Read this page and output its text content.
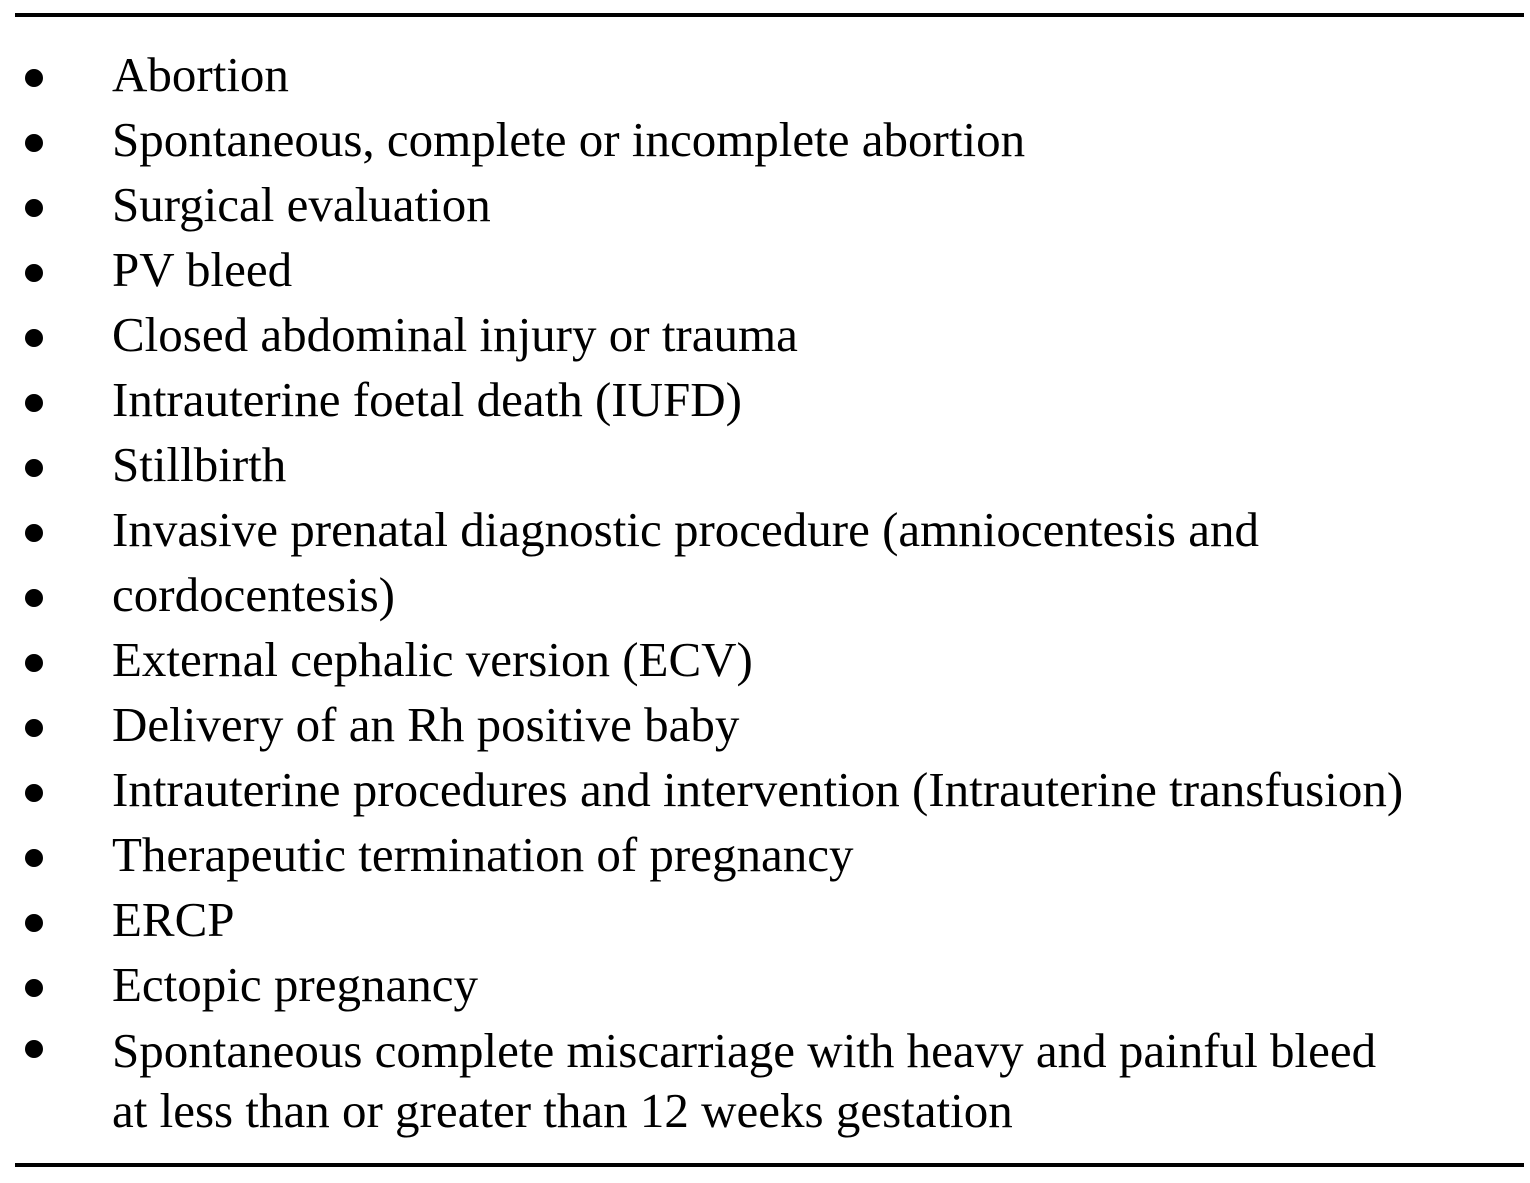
Abortion
Spontaneous, complete or incomplete abortion
Surgical evaluation
PV bleed
Closed abdominal injury or trauma
Intrauterine foetal death (IUFD)
Stillbirth
Invasive prenatal diagnostic procedure (amniocentesis and
cordocentesis)
External cephalic version (ECV)
Delivery of an Rh positive baby
Intrauterine procedures and intervention (Intrauterine transfusion)
Therapeutic termination of pregnancy
ERCP
Ectopic pregnancy
Spontaneous complete miscarriage with heavy and painful bleed
at less than or greater than 12 weeks gestation
